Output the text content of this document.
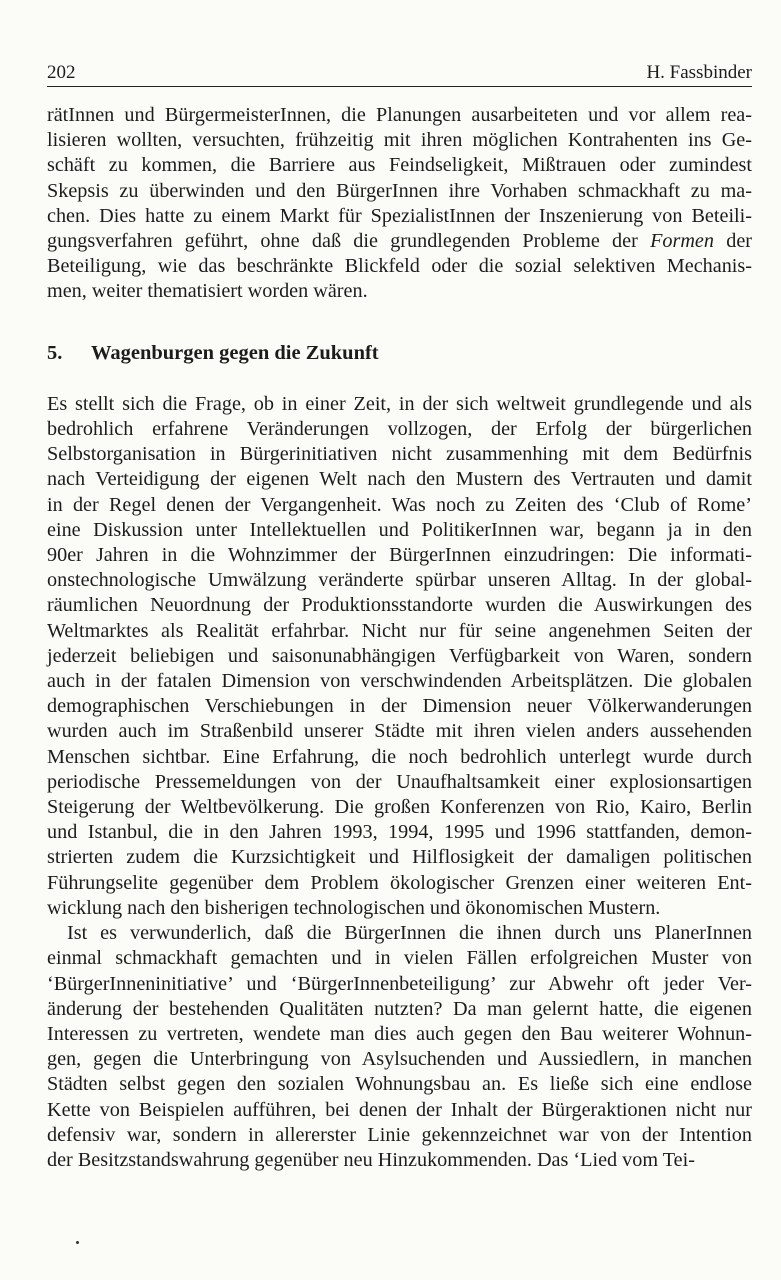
202	H. Fassbinder

rätInnen und BürgermeisterInnen, die Planungen ausarbeiteten und vor allem rea-
lisieren wollten, versuchten, frühzeitig mit ihren möglichen Kontrahenten ins Ge-
schäft zu kommen, die Barriere aus Feindseligkeit, Mißtrauen oder zumindest
Skepsis zu überwinden und den BürgerInnen ihre Vorhaben schmackhaft zu ma-
chen. Dies hatte zu einem Markt für SpezialistInnen der Inszenierung von Beteili-
gungsverfahren geführt, ohne daß die grundlegenden Probleme der Formen der
Beteiligung, wie das beschränkte Blickfeld oder die sozial selektiven Mechanis-
men, weiter thematisiert worden wären.

5. Wagenburgen gegen die Zukunft

Es stellt sich die Frage, ob in einer Zeit, in der sich weltweit grundlegende und als
bedrohlich erfahrene Veränderungen vollzogen, der Erfolg der bürgerlichen
Selbstorganisation in Bürgerinitiativen nicht zusammenhing mit dem Bedürfnis
nach Verteidigung der eigenen Welt nach den Mustern des Vertrauten und damit
in der Regel denen der Vergangenheit. Was noch zu Zeiten des ‘Club of Rome’
eine Diskussion unter Intellektuellen und PolitikerInnen war, begann ja in den
90er Jahren in die Wohnzimmer der BürgerInnen einzudringen: Die informati-
onstechnologische Umwälzung veränderte spürbar unseren Alltag. In der global-
räumlichen Neuordnung der Produktionsstandorte wurden die Auswirkungen des
Weltmarktes als Realität erfahrbar. Nicht nur für seine angenehmen Seiten der
jederzeit beliebigen und saisonunabhängigen Verfügbarkeit von Waren, sondern
auch in der fatalen Dimension von verschwindenden Arbeitsplätzen. Die globalen
demographischen Verschiebungen in der Dimension neuer Völkerwanderungen
wurden auch im Straßenbild unserer Städte mit ihren vielen anders aussehenden
Menschen sichtbar. Eine Erfahrung, die noch bedrohlich unterlegt wurde durch
periodische Pressemeldungen von der Unaufhaltsamkeit einer explosionsartigen
Steigerung der Weltbevölkerung. Die großen Konferenzen von Rio, Kairo, Berlin
und Istanbul, die in den Jahren 1993, 1994, 1995 und 1996 stattfanden, demon-
strierten zudem die Kurzsichtigkeit und Hilflosigkeit der damaligen politischen
Führungselite gegenüber dem Problem ökologischer Grenzen einer weiteren Ent-
wicklung nach den bisherigen technologischen und ökonomischen Mustern.

Ist es verwunderlich, daß die BürgerInnen die ihnen durch uns PlanerInnen
einmal schmackhaft gemachten und in vielen Fällen erfolgreichen Muster von
‘BürgerInneninitiative’ und ‘BürgerInnenbeteiligung’ zur Abwehr oft jeder Ver-
änderung der bestehenden Qualitäten nutzten? Da man gelernt hatte, die eigenen
Interessen zu vertreten, wendete man dies auch gegen den Bau weiterer Wohnun-
gen, gegen die Unterbringung von Asylsuchenden und Aussiedlern, in manchen
Städten selbst gegen den sozialen Wohnungsbau an. Es ließe sich eine endlose
Kette von Beispielen aufführen, bei denen der Inhalt der Bürgeraktionen nicht nur
defensiv war, sondern in allererster Linie gekennzeichnet war von der Intention
der Besitzstandswahrung gegenüber neu Hinzukommenden. Das ‘Lied vom Tei-
